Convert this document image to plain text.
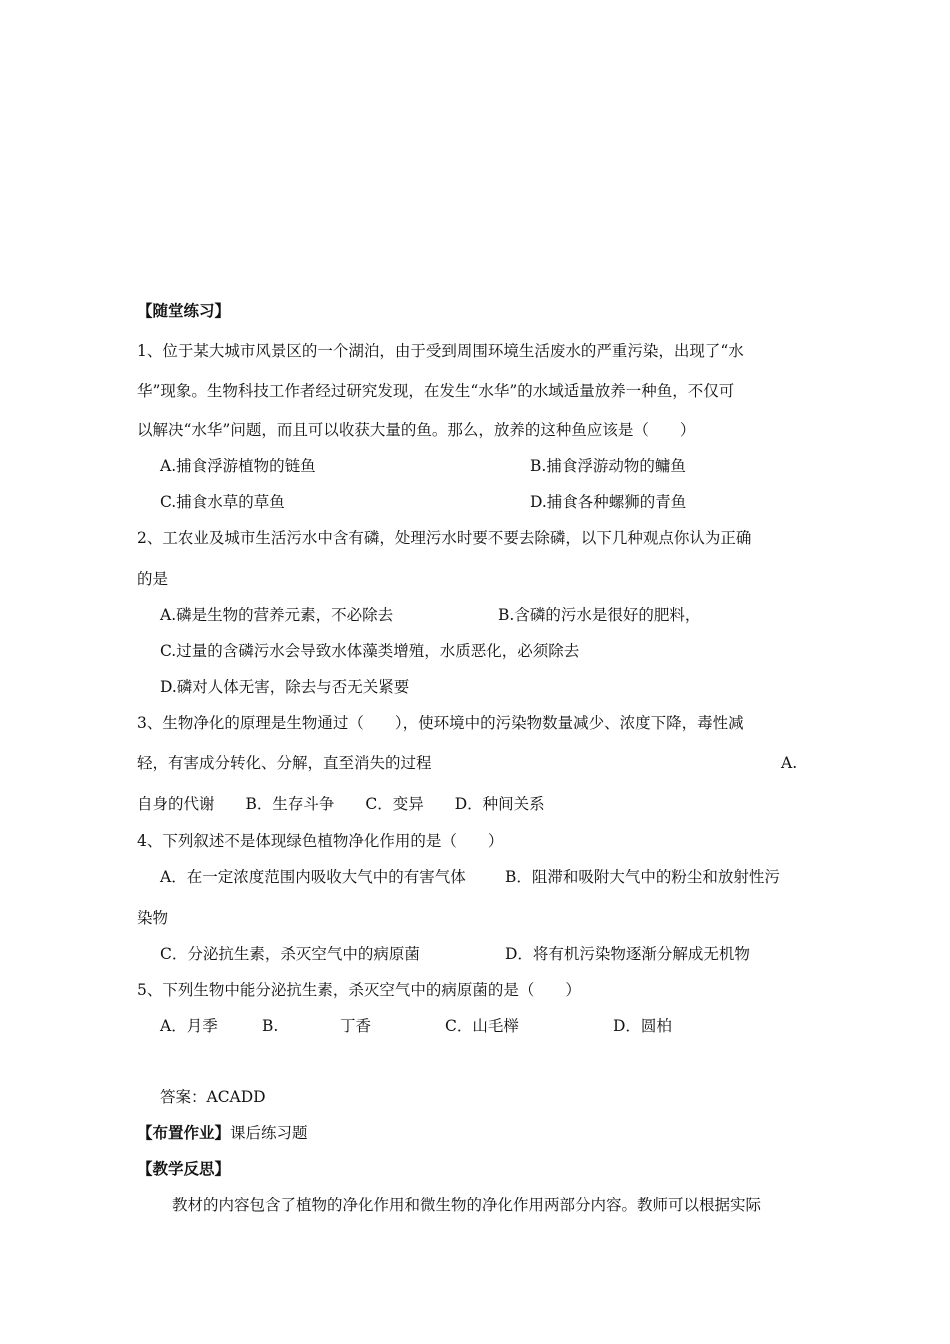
【随堂练习】
1、位于某大城市风景区的一个湖泊，由于受到周围环境生活废水的严重污染，出现了“水
华”现象。生物科技工作者经过研究发现，在发生“水华”的水域适量放养一种鱼，不仅可
以解决“水华”问题，而且可以收获大量的鱼。那么，放养的这种鱼应该是（　　）
A.捕食浮游植物的链鱼	B.捕食浮游动物的鳙鱼
C.捕食水草的草鱼	D.捕食各种螺狮的青鱼
2、工农业及城市生活污水中含有磷，处理污水时要不要去除磷，以下几种观点你认为正确
的是
A.磷是生物的营养元素，不必除去	B.含磷的污水是很好的肥料，
C.过量的含磷污水会导致水体藻类增殖，水质恶化，必须除去
D.磷对人体无害，除去与否无关紧要
3、生物净化的原理是生物通过（　　），使环境中的污染物数量减少、浓度下降，毒性减
轻，有害成分转化、分解，直至消失的过程	A.
自身的代谢　　B．生存斗争　　C．变异　　D．种间关系
4、下列叙述不是体现绿色植物净化作用的是（　　）
A．在一定浓度范围内吸收大气中的有害气体	B．阻滞和吸附大气中的粉尘和放射性污
染物
C．分泌抗生素，杀灭空气中的病原菌	D．将有机污染物逐渐分解成无机物
5、下列生物中能分泌抗生素，杀灭空气中的病原菌的是（　　）
A．月季	B.	丁香	C．山毛榉	D．圆柏
答案：ACADD
【布置作业】课后练习题
【教学反思】
教材的内容包含了植物的净化作用和微生物的净化作用两部分内容。教师可以根据实际
